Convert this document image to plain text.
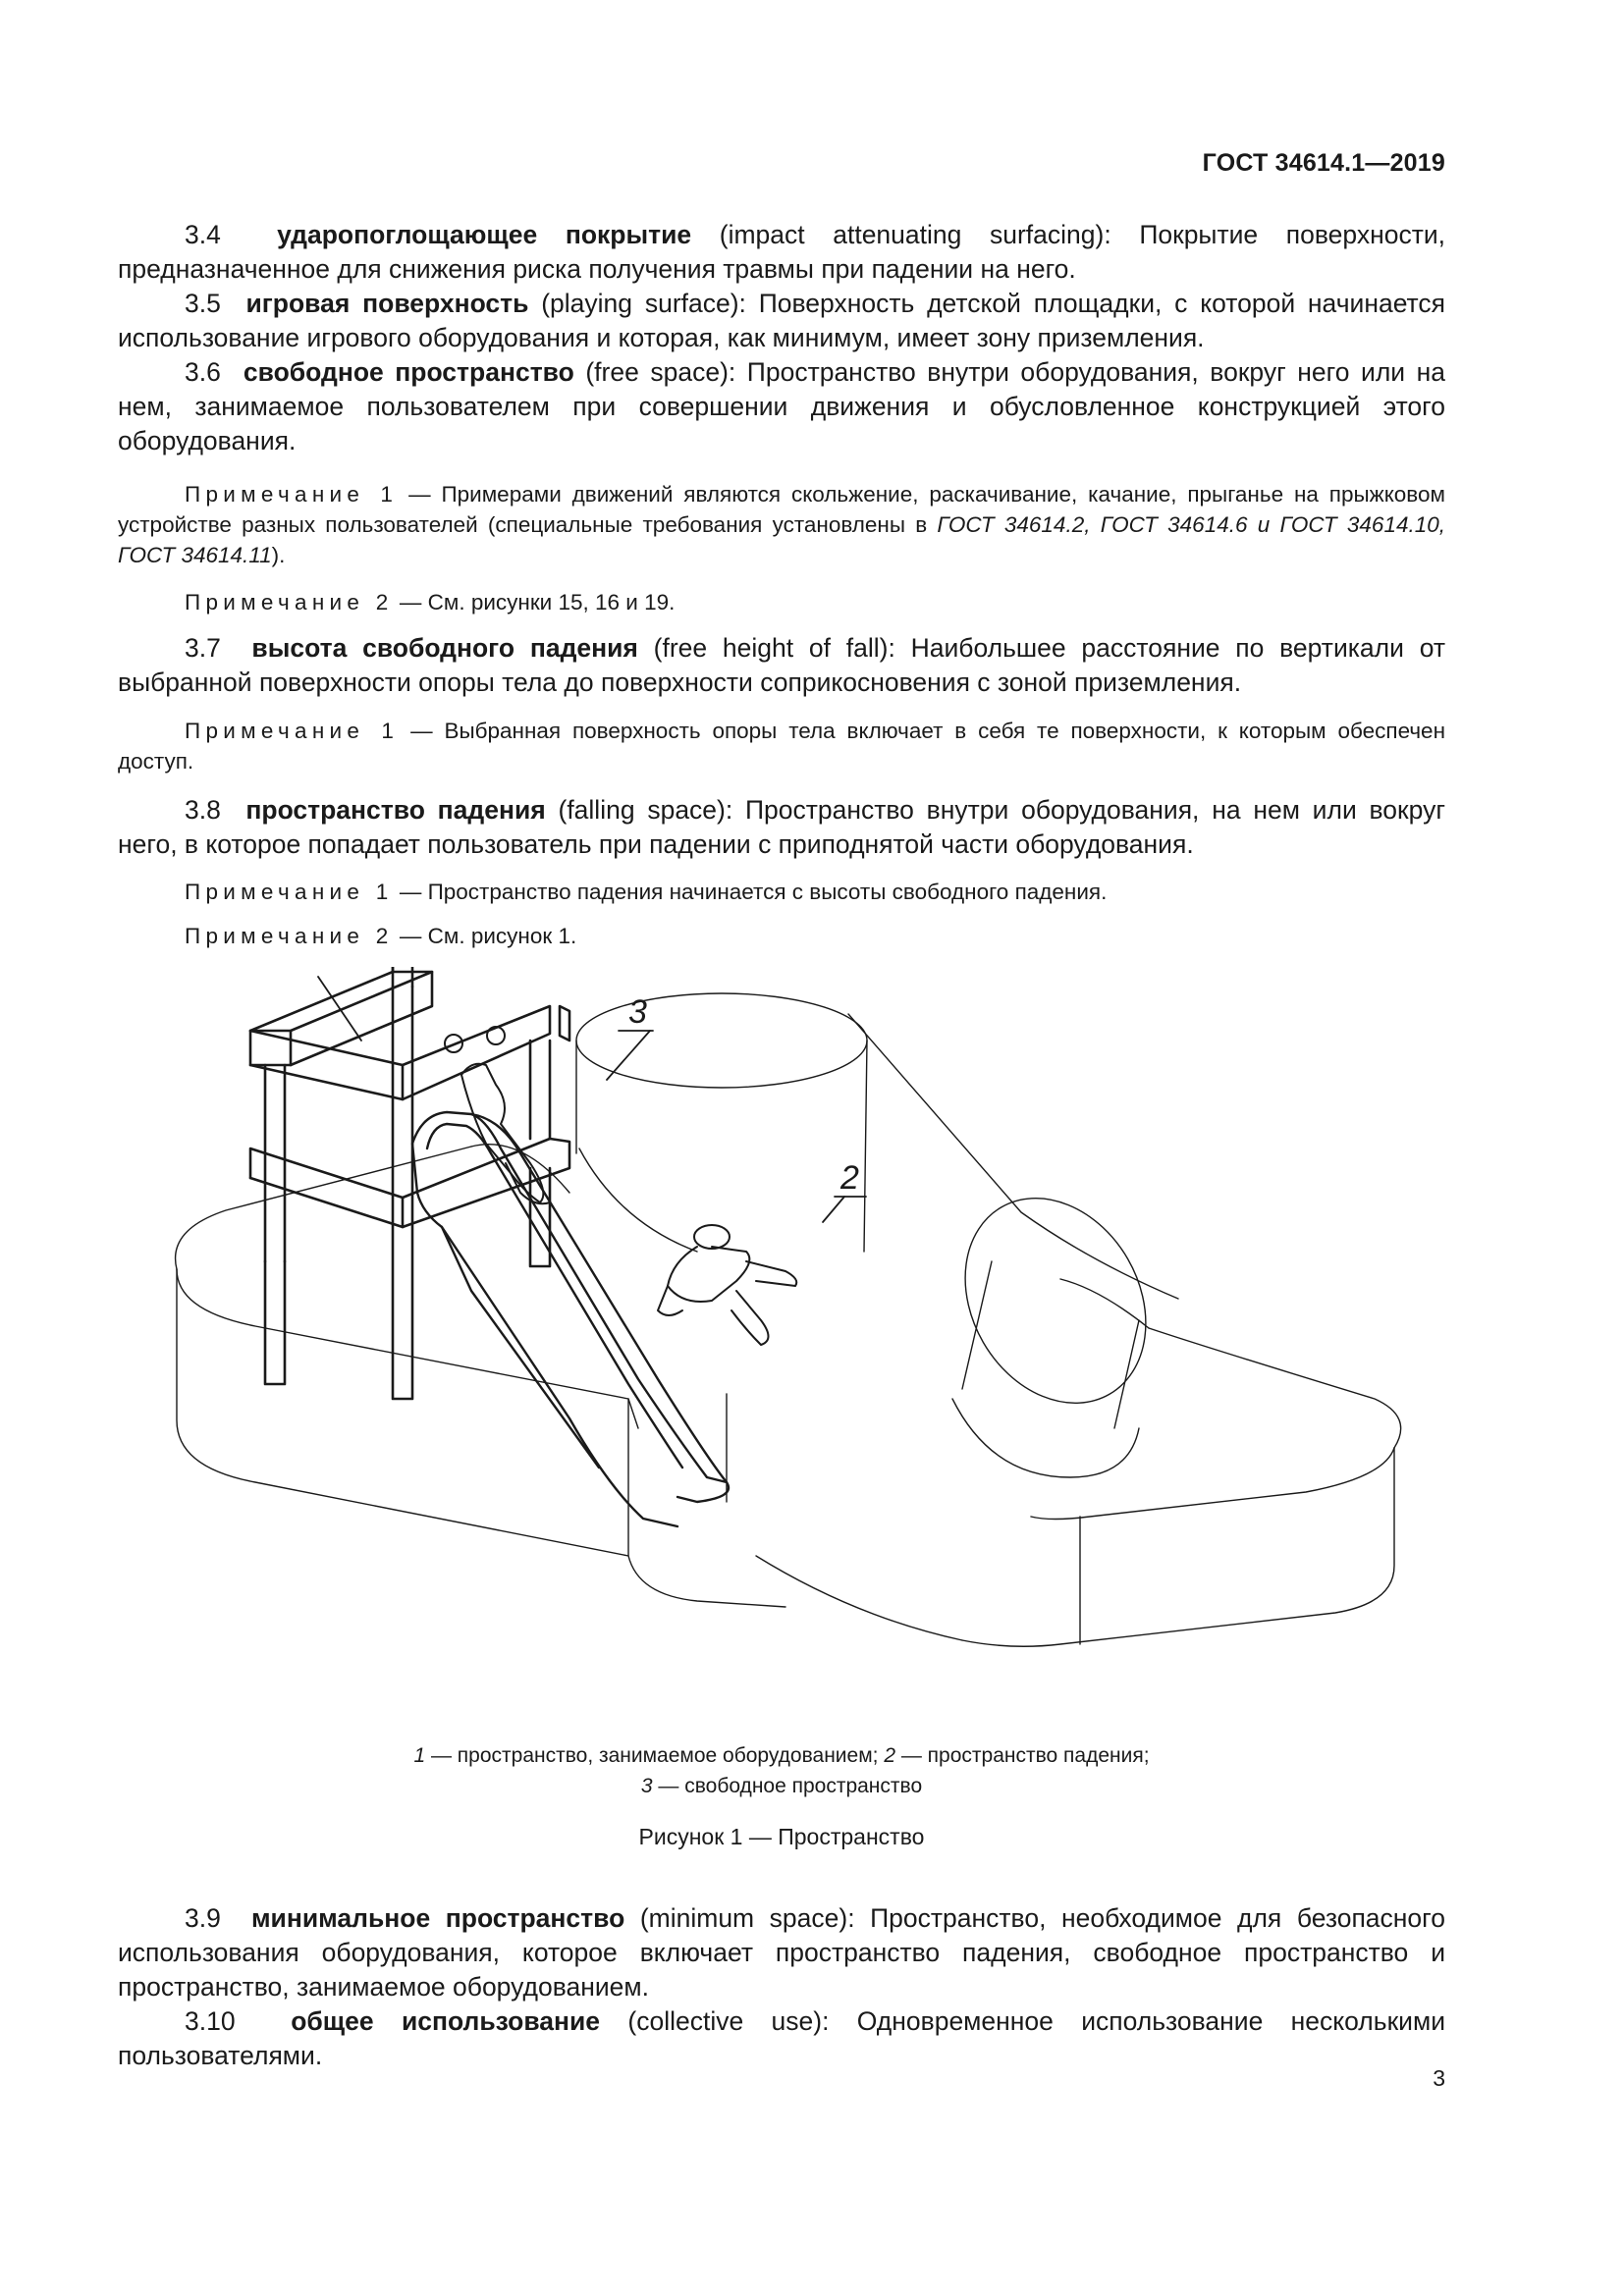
ГОСТ 34614.1—2019

3.4 ударопоглощающее покрытие (impact attenuating surfacing): Покрытие поверхности, предназначенное для снижения риска получения травмы при падении на него.

3.5 игровая поверхность (playing surface): Поверхность детской площадки, с которой начинается использование игрового оборудования и которая, как минимум, имеет зону приземления.

3.6 свободное пространство (free space): Пространство внутри оборудования, вокруг него или на нем, занимаемое пользователем при совершении движения и обусловленное конструкцией этого оборудования.

Примечание 1 — Примерами движений являются скольжение, раскачивание, качание, прыганье на прыжковом устройстве разных пользователей (специальные требования установлены в ГОСТ 34614.2, ГОСТ 34614.6 и ГОСТ 34614.10, ГОСТ 34614.11).

Примечание 2 — См. рисунки 15, 16 и 19.

3.7 высота свободного падения (free height of fall): Наибольшее расстояние по вертикали от выбранной поверхности опоры тела до поверхности соприкосновения с зоной приземления.

Примечание 1 — Выбранная поверхность опоры тела включает в себя те поверхности, к которым обеспечен доступ.

3.8 пространство падения (falling space): Пространство внутри оборудования, на нем или вокруг него, в которое попадает пользователь при падении с приподнятой части оборудования.

Примечание 1 — Пространство падения начинается с высоты свободного падения.

Примечание 2 — См. рисунок 1.

3
2
1 — пространство, занимаемое оборудованием; 2 — пространство падения;
3 — свободное пространство
Рисунок 1 — Пространство

3.9 минимальное пространство (minimum space): Пространство, необходимое для безопасного использования оборудования, которое включает пространство падения, свободное пространство и пространство, занимаемое оборудованием.

3.10 общее использование (collective use): Одновременное использование несколькими пользователями.

3
